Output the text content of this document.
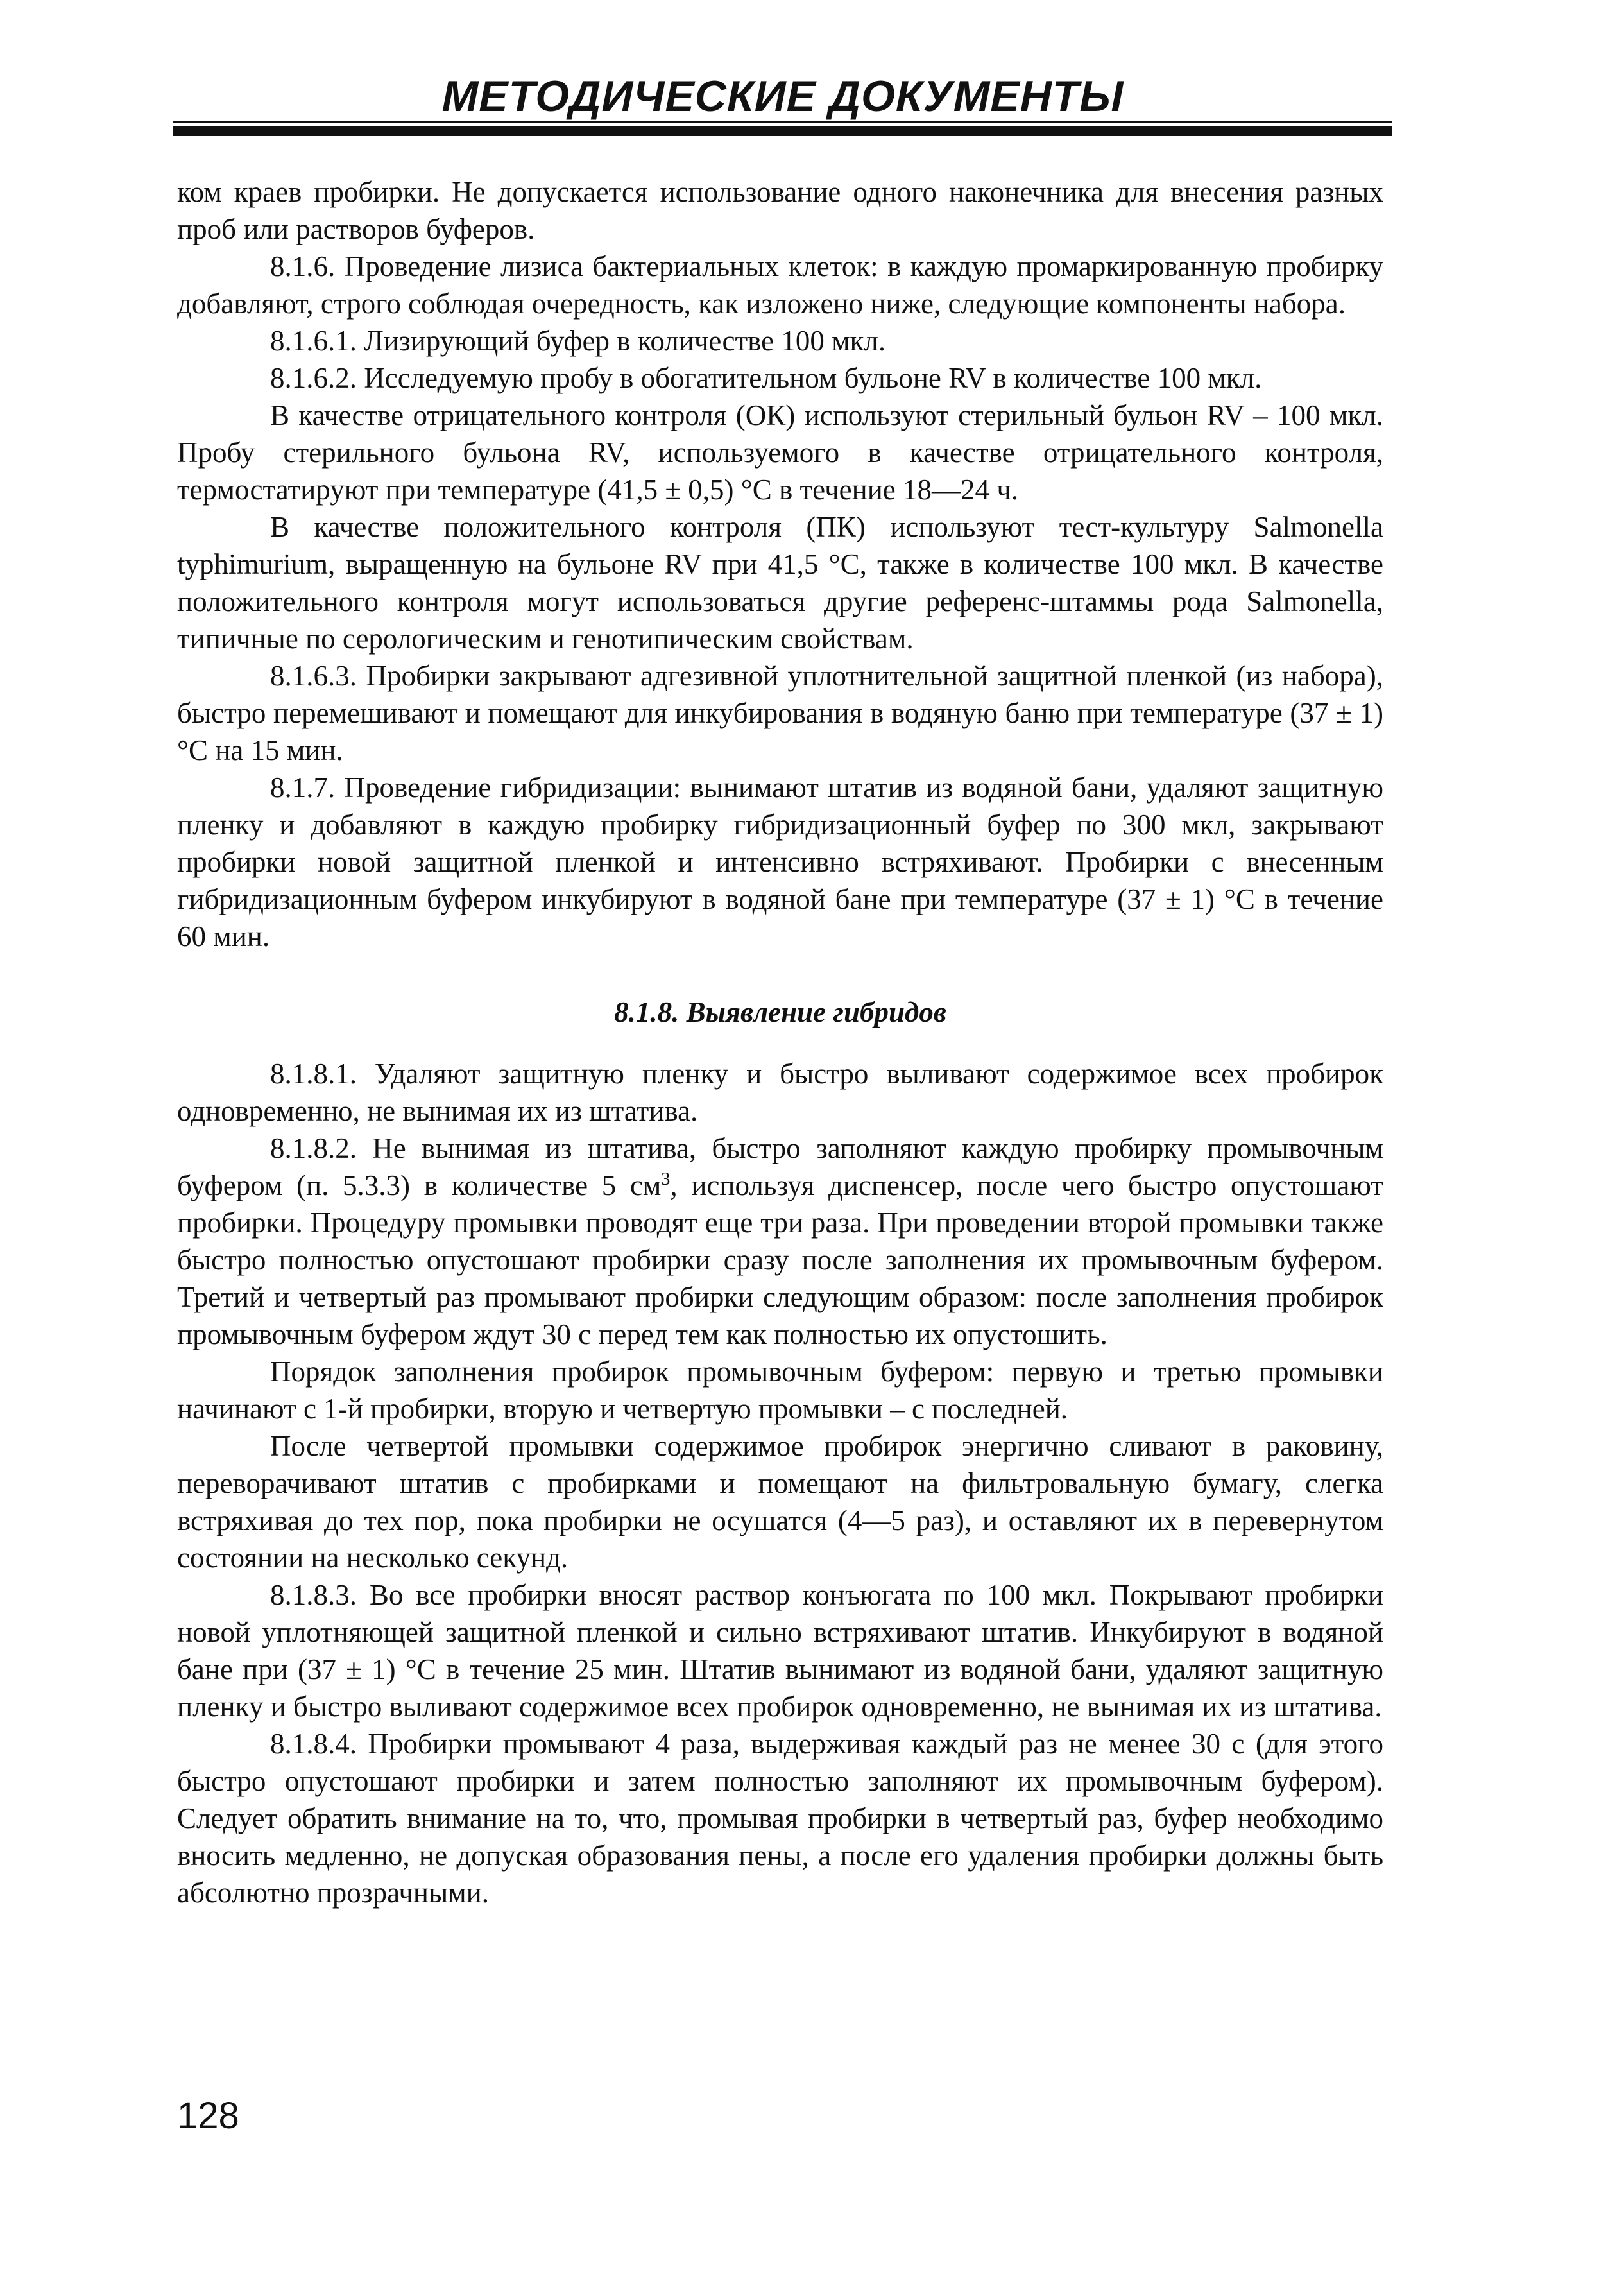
МЕТОДИЧЕСКИЕ ДОКУМЕНТЫ

ком краев пробирки. Не допускается использование одного наконечника для внесения разных проб или растворов буферов.

8.1.6. Проведение лизиса бактериальных клеток: в каждую промаркированную пробирку добавляют, строго соблюдая очередность, как изложено ниже, следующие компоненты набора.

8.1.6.1. Лизирующий буфер в количестве 100 мкл.

8.1.6.2. Исследуемую пробу в обогатительном бульоне RV в количестве 100 мкл.

В качестве отрицательного контроля (ОК) используют стерильный бульон RV – 100 мкл. Пробу стерильного бульона RV, используемого в качестве отрицательного контроля, термостатируют при температуре (41,5 ± 0,5) °С в течение 18—24 ч.

В качестве положительного контроля (ПК) используют тест-культуру Salmonella typhimurium, выращенную на бульоне RV при 41,5 °С, также в количестве 100 мкл. В качестве положительного контроля могут использоваться другие референс-штаммы рода Salmonella, типичные по серологическим и генотипическим свойствам.

8.1.6.3. Пробирки закрывают адгезивной уплотнительной защитной пленкой (из набора), быстро перемешивают и помещают для инкубирования в водяную баню при температуре (37 ± 1) °С на 15 мин.

8.1.7. Проведение гибридизации: вынимают штатив из водяной бани, удаляют защитную пленку и добавляют в каждую пробирку гибридизационный буфер по 300 мкл, закрывают пробирки новой защитной пленкой и интенсивно встряхивают. Пробирки с внесенным гибридизационным буфером инкубируют в водяной бане при температуре (37 ± 1) °С в течение 60 мин.

8.1.8. Выявление гибридов

8.1.8.1. Удаляют защитную пленку и быстро выливают содержимое всех пробирок одновременно, не вынимая их из штатива.

8.1.8.2. Не вынимая из штатива, быстро заполняют каждую пробирку промывочным буфером (п. 5.3.3) в количестве 5 $см^3$, используя диспенсер, после чего быстро опустошают пробирки. Процедуру промывки проводят еще три раза. При проведении второй промывки также быстро полностью опустошают пробирки сразу после заполнения их промывочным буфером. Третий и четвертый раз промывают пробирки следующим образом: после заполнения пробирок промывочным буфером ждут 30 с перед тем как полностью их опустошить.

Порядок заполнения пробирок промывочным буфером: первую и третью промывки начинают с 1-й пробирки, вторую и четвертую промывки – с последней.

После четвертой промывки содержимое пробирок энергично сливают в раковину, переворачивают штатив с пробирками и помещают на фильтровальную бумагу, слегка встряхивая до тех пор, пока пробирки не осушатся (4—5 раз), и оставляют их в перевернутом состоянии на несколько секунд.

8.1.8.3. Во все пробирки вносят раствор конъюгата по 100 мкл. Покрывают пробирки новой уплотняющей защитной пленкой и сильно встряхивают штатив. Инкубируют в водяной бане при (37 ± 1) °С в течение 25 мин. Штатив вынимают из водяной бани, удаляют защитную пленку и быстро выливают содержимое всех пробирок одновременно, не вынимая их из штатива.

8.1.8.4. Пробирки промывают 4 раза, выдерживая каждый раз не менее 30 с (для этого быстро опустошают пробирки и затем полностью заполняют их промывочным буфером). Следует обратить внимание на то, что, промывая пробирки в четвертый раз, буфер необходимо вносить медленно, не допуская образования пены, а после его удаления пробирки должны быть абсолютно прозрачными.

128
